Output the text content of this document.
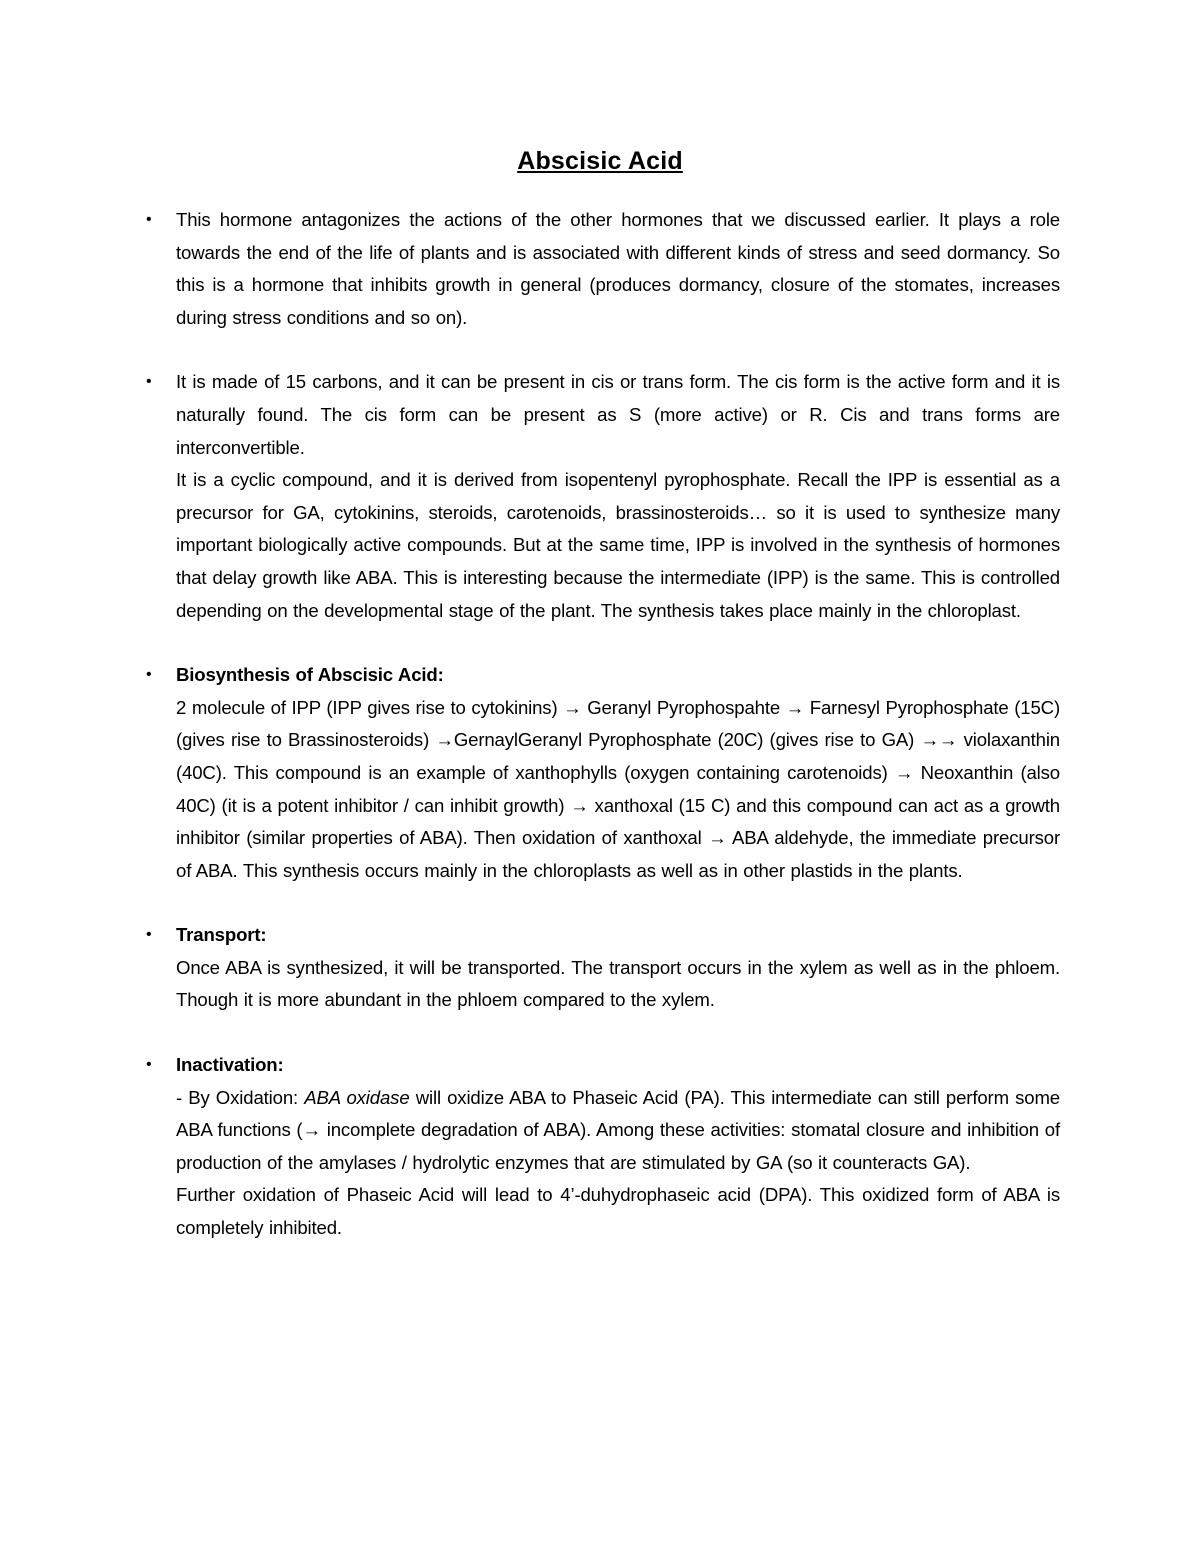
Abscisic Acid
• This hormone antagonizes the actions of the other hormones that we discussed earlier. It plays a role towards the end of the life of plants and is associated with different kinds of stress and seed dormancy. So this is a hormone that inhibits growth in general (produces dormancy, closure of the stomates, increases during stress conditions and so on).

• It is made of 15 carbons, and it can be present in cis or trans form. The cis form is the active form and it is naturally found. The cis form can be present as S (more active) or R. Cis and trans forms are interconvertible.

It is a cyclic compound, and it is derived from isopentenyl pyrophosphate. Recall the IPP is essential as a precursor for GA, cytokinins, steroids, carotenoids, brassinosteroids… so it is used to synthesize many important biologically active compounds. But at the same time, IPP is involved in the synthesis of hormones that delay growth like ABA. This is interesting because the intermediate (IPP) is the same. This is controlled depending on the developmental stage of the plant. The synthesis takes place mainly in the chloroplast.

• Biosynthesis of Abscisic Acid:

2 molecule of IPP (IPP gives rise to cytokinins) → Geranyl Pyrophospahte → Farnesyl Pyrophosphate (15C) (gives rise to Brassinosteroids) →GernaylGeranyl Pyrophosphate (20C) (gives rise to GA) →→ violaxanthin (40C). This compound is an example of xanthophylls (oxygen containing carotenoids) → Neoxanthin (also 40C) (it is a potent inhibitor / can inhibit growth) → xanthoxal (15 C) and this compound can act as a growth inhibitor (similar properties of ABA). Then oxidation of xanthoxal → ABA aldehyde, the immediate precursor of ABA. This synthesis occurs mainly in the chloroplasts as well as in other plastids in the plants.

• Transport:

Once ABA is synthesized, it will be transported. The transport occurs in the xylem as well as in the phloem. Though it is more abundant in the phloem compared to the xylem.

• Inactivation:

- By Oxidation: ABA oxidase will oxidize ABA to Phaseic Acid (PA). This intermediate can still perform some ABA functions (→ incomplete degradation of ABA). Among these activities: stomatal closure and inhibition of production of the amylases / hydrolytic enzymes that are stimulated by GA (so it counteracts GA).

Further oxidation of Phaseic Acid will lead to 4’-duhydrophaseic acid (DPA). This oxidized form of ABA is completely inhibited.
